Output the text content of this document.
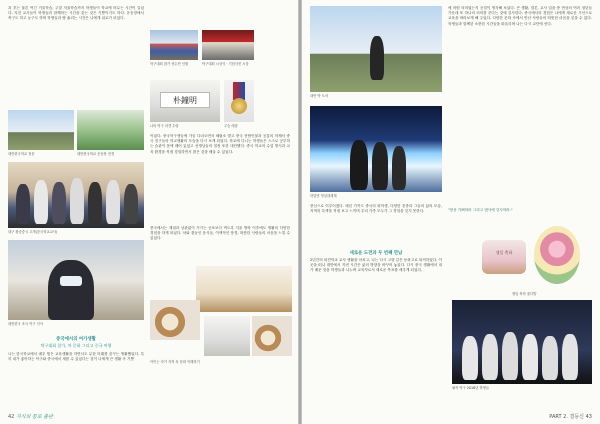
과 후는 물론 여긴 거울학습, 주말 자율학습까지 학생들이 학교에 머무는 시간이 길었다. 지친 교사들이 학생들과 함께하는 시간을 갖는 것은 기쁨이기도 하다. 운동장에서 축구도 하고 농구도 하며 학생들과 땀 흘리는 시간은 나에게 위로가 되었다.
대만한국학교 정문	대만한국학교 운동장 전경
대구 왕슴중국 고객(중국학교교사)
대만한국 조국 탁구 인사
중국에서의 여가생활
탁구대회 참가, 차 문화 그리고 중국 여행
나는 한국학교에서 매우 힘든 교육생활을 하면서도 무한 미래를 꿈꾸는 생활했었다. 특히 내가 좋아하는 탁구와 중국에서 새롭 수 있었다는 것이 나에게 큰 생활 속 기쁨
학구대회 참가 선수단 인원	탁구대회 시상식 · 기념사진 시상
朴鐘明
나의 탁구 라켓 수령	우승 메달
이었다. 중국학구생들에 가끔 다녀오면서 혜림소 발고 중국 종합인물과 공통의 학제서 중국 친구들의 학교생활의 모습을 다시 보게 되었다. 학교에 다니는 학생들은 스스로 공부하는 습관이 몸에 배어 있었고 선생님들의 열정 또한 대단했다. 중국 학교의 수업 방식과 교육 환경을 직접 경험하면서 많은 것을 배울 수 있었다.
중국에서는 계절과 상관없이 거기는 공포보다 먹도록 겨울 방학 이후에도 생활의 다양한 경험을 하게 되었다. 차와 곁들인 음식들, 이색적인 풍경, 따뜻한 사람들의 마음을 느낄 수 있었다.
아이는 자기 지역 차 문화 이해하기
42 지식의 통로 출판
대만 박 도서
하얼빈 빙설대세계
중심으로 이루어졌다. 매년 가족도 중국의 화학생, 다양한 친중과 그들의 삶의 모습, 지역의 특색을 직접 보고 느끼며 우리 가족 모두가 그 경험을 잊지 못한다.
새로운 도전과 두 번째 만남
2년간의 파견학교 교사 생활을 마치고, 나는 다시 고향 같은 동화고로 복직하였다. 이 곳을 떠나 대만에서 지낸 시간은 삶의 방향을 바꾸어 놓았다. 다시 중국 생활에서 내가 배운 것을 학생들과 나누며 교육자로서 새로운 목표를 세우게 되었다.
에 어떤 의미였는지 공결이 생각해 보았다. 큰 생활, 결론, 교사 업을 중 만큼의 여러 청년들 가운데 또 하나의 의미를 준다는 것에 감사한다. 중국에서의 경험은 나에게 새로운 시선으로 교육을 바라보게 해 주었다. 다양한 문화 속에서 만난 사람들의 따뜻한 마음을 잊을 수 없다. 학생들과 함께한 소중한 시간들을 떠올리며 나는 다시 교단에 선다.
"항상 기뻐하라 그리고 범사에 감사하라."
생일 축하
생일 축하 꽃다발
필자 탁구 2016년 학생들
PART 2. 결등신 43
